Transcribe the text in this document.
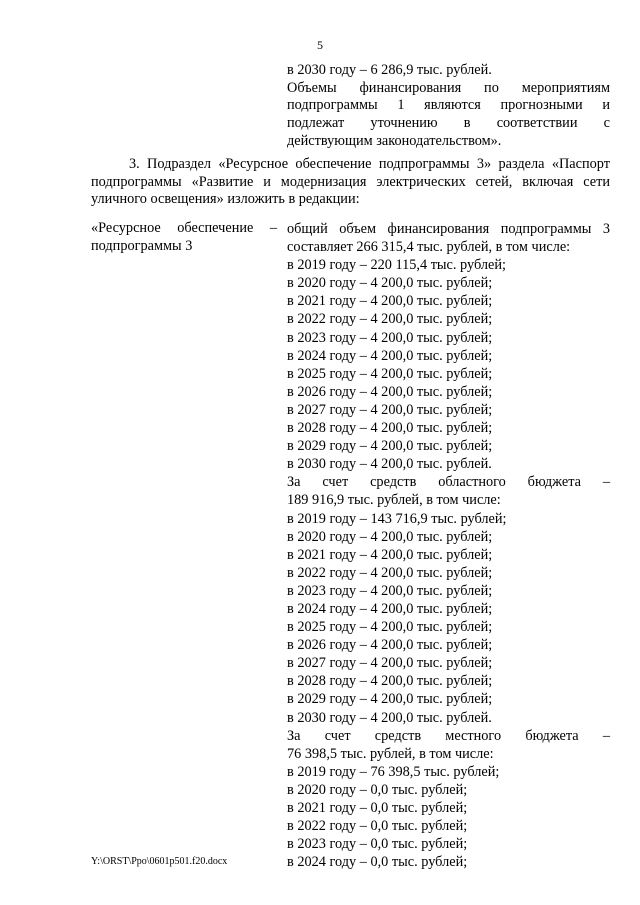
5
в 2030 году – 6 286,9 тыс. рублей.
Объемы финансирования по мероприятиям
подпрограммы 1 являются прогнозными и
подлежат уточнению в соответствии с
действующим законодательством».
3. Подраздел «Ресурсное обеспечение подпрограммы 3» раздела «Паспорт подпрограммы «Развитие и модернизация электрических сетей, включая сети уличного освещения» изложить в редакции:
«Ресурсное обеспечение –
подпрограммы 3
общий объем финансирования подпрограммы 3
составляет 266 315,4 тыс. рублей, в том числе:
в 2019 году – 220 115,4 тыс. рублей;
в 2020 году – 4 200,0 тыс. рублей;
в 2021 году – 4 200,0 тыс. рублей;
в 2022 году – 4 200,0 тыс. рублей;
в 2023 году – 4 200,0 тыс. рублей;
в 2024 году – 4 200,0 тыс. рублей;
в 2025 году – 4 200,0 тыс. рублей;
в 2026 году – 4 200,0 тыс. рублей;
в 2027 году – 4 200,0 тыс. рублей;
в 2028 году – 4 200,0 тыс. рублей;
в 2029 году – 4 200,0 тыс. рублей;
в 2030 году – 4 200,0 тыс. рублей.
За счет средств областного бюджета –
189 916,9 тыс. рублей, в том числе:
в 2019 году – 143 716,9 тыс. рублей;
в 2020 году – 4 200,0 тыс. рублей;
в 2021 году – 4 200,0 тыс. рублей;
в 2022 году – 4 200,0 тыс. рублей;
в 2023 году – 4 200,0 тыс. рублей;
в 2024 году – 4 200,0 тыс. рублей;
в 2025 году – 4 200,0 тыс. рублей;
в 2026 году – 4 200,0 тыс. рублей;
в 2027 году – 4 200,0 тыс. рублей;
в 2028 году – 4 200,0 тыс. рублей;
в 2029 году – 4 200,0 тыс. рублей;
в 2030 году – 4 200,0 тыс. рублей.
За счет средств местного бюджета –
76 398,5 тыс. рублей, в том числе:
в 2019 году – 76 398,5 тыс. рублей;
в 2020 году – 0,0 тыс. рублей;
в 2021 году – 0,0 тыс. рублей;
в 2022 году – 0,0 тыс. рублей;
в 2023 году – 0,0 тыс. рублей;
в 2024 году – 0,0 тыс. рублей;
Y:\ORST\Ppo\0601p501.f20.docx
